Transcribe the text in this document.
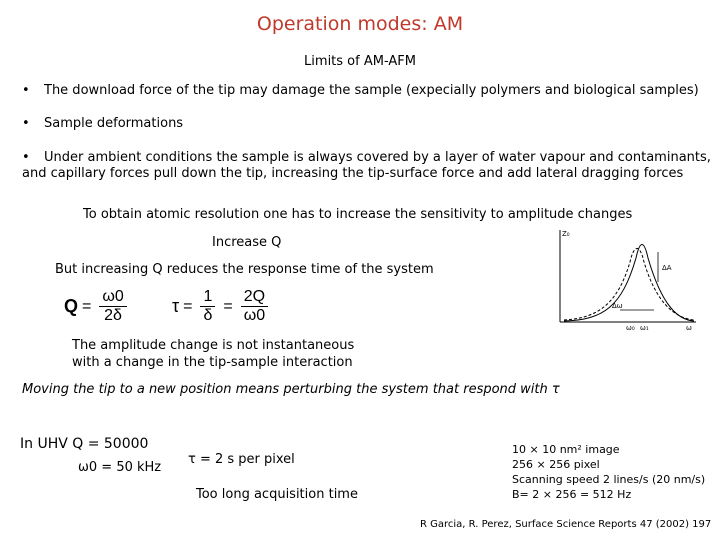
Operation modes: AM
Limits of AM-AFM
• The download force of the tip may damage the sample (expecially polymers and biological samples)
• Sample deformations
• Under ambient conditions the sample is always covered by a layer of water vapour and contaminants,
and capillary forces pull down the tip, increasing the tip-surface force and add lateral dragging forces
To obtain atomic resolution one has to increase the sensitivity to amplitude changes
Increase Q
But increasing Q reduces the response time of the system
$Q = \frac{\omega 0}{2\delta}$	$\tau = \frac{1}{\delta} = \frac{2Q}{\omega 0}$
Z₀
ΔA
Δω
ω₀ ω₁	ω
The amplitude change is not instantaneous
with a change in the tip-sample interaction
Moving the tip to a new position means perturbing the system that respond with τ
In UHV Q = 50000
ω0 = 50 kHz
τ = 2 s per pixel
Too long acquisition time
10 × 10 nm² image
256 × 256 pixel
Scanning speed 2 lines/s (20 nm/s)
B= 2 × 256 = 512 Hz
R Garcia, R. Perez, Surface Science Reports 47 (2002) 197
